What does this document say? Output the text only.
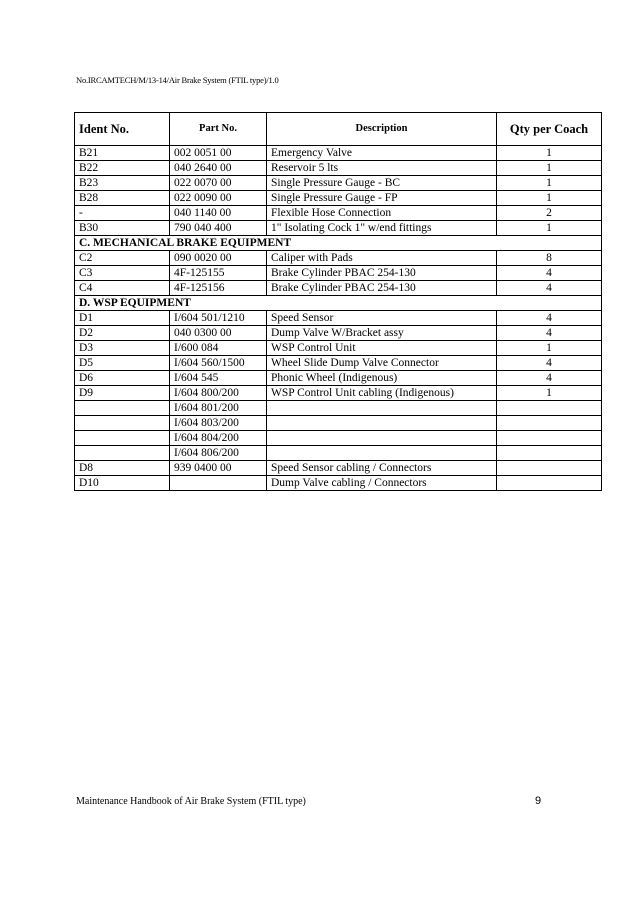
No.IRCAMTECH/M/13-14/Air Brake System (FTIL type)/1.0
Ident No.	Part No.	Description	Qty per Coach
B21	002 0051 00	Emergency Valve	1
B22	040 2640 00	Reservoir 5 lts	1
B23	022 0070 00	Single Pressure Gauge - BC	1
B28	022 0090 00	Single Pressure Gauge - FP	1
-	040 1140 00	Flexible Hose Connection	2
B30	790 040 400	1" Isolating Cock 1" w/end fittings	1
C. MECHANICAL BRAKE EQUIPMENT			
C2	090 0020 00	Caliper with Pads	8
C3	4F-125155	Brake Cylinder PBAC 254-130	4
C4	4F-125156	Brake Cylinder PBAC 254-130	4
D. WSP EQUIPMENT			
D1	I/604 501/1210	Speed Sensor	4
D2	040 0300 00	Dump Valve W/Bracket assy	4
D3	I/600 084	WSP Control Unit	1
D5	I/604 560/1500	Wheel Slide Dump Valve Connector	4
D6	I/604 545	Phonic Wheel (Indigenous)	4
D9	I/604 800/200	WSP Control Unit cabling (Indigenous)	1
	I/604 801/200		
	I/604 803/200		
	I/604 804/200		
	I/604 806/200		
D8	939 0400 00	Speed Sensor cabling / Connectors	
D10		Dump Valve cabling / Connectors	
Maintenance Handbook of Air Brake System (FTIL type)	9
